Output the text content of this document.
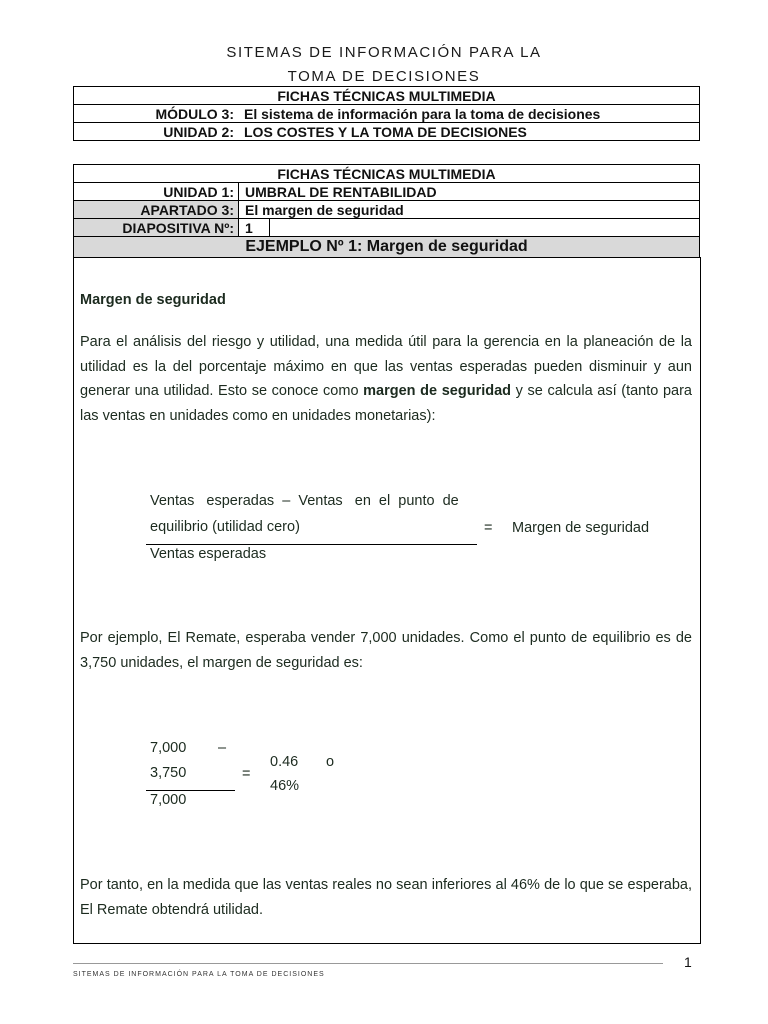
SITEMAS DE INFORMACIÓN PARA LA
TOMA DE DECISIONES
FICHAS TÉCNICAS MULTIMEDIA	
MÓDULO 3:	El sistema de información para la toma de decisiones
UNIDAD 2:	LOS COSTES Y LA TOMA DE DECISIONES
FICHAS TÉCNICAS MULTIMEDIA		
UNIDAD 1:	UMBRAL DE RENTABILIDAD	
APARTADO 3:	El margen de seguridad	
DIAPOSITIVA Nº:	1	
EJEMPLO Nº 1: Margen de seguridad		
Margen de seguridad
Para el análisis del riesgo y utilidad, una medida útil para la gerencia en la planeación de la utilidad es la del porcentaje máximo en que las ventas esperadas pueden disminuir y aun generar una utilidad. Esto se conoce como margen de seguridad y se calcula así (tanto para las ventas en unidades como en unidades monetarias):
Ventas   esperadas  –  Ventas   en  el  punto  de
equilibrio (utilidad cero)
Ventas esperadas
= Margen de seguridad
Por ejemplo, El Remate, esperaba vender 7,000 unidades. Como el punto de equilibrio es de 3,750 unidades, el margen de seguridad es:
7,000 –
3,750
7,000
=
0.46 o
46%
Por tanto, en la medida que las ventas reales no sean inferiores al 46% de lo que se esperaba, El Remate obtendrá utilidad.
SITEMAS DE INFORMACIÓN PARA LA TOMA DE DECISIONES
1
